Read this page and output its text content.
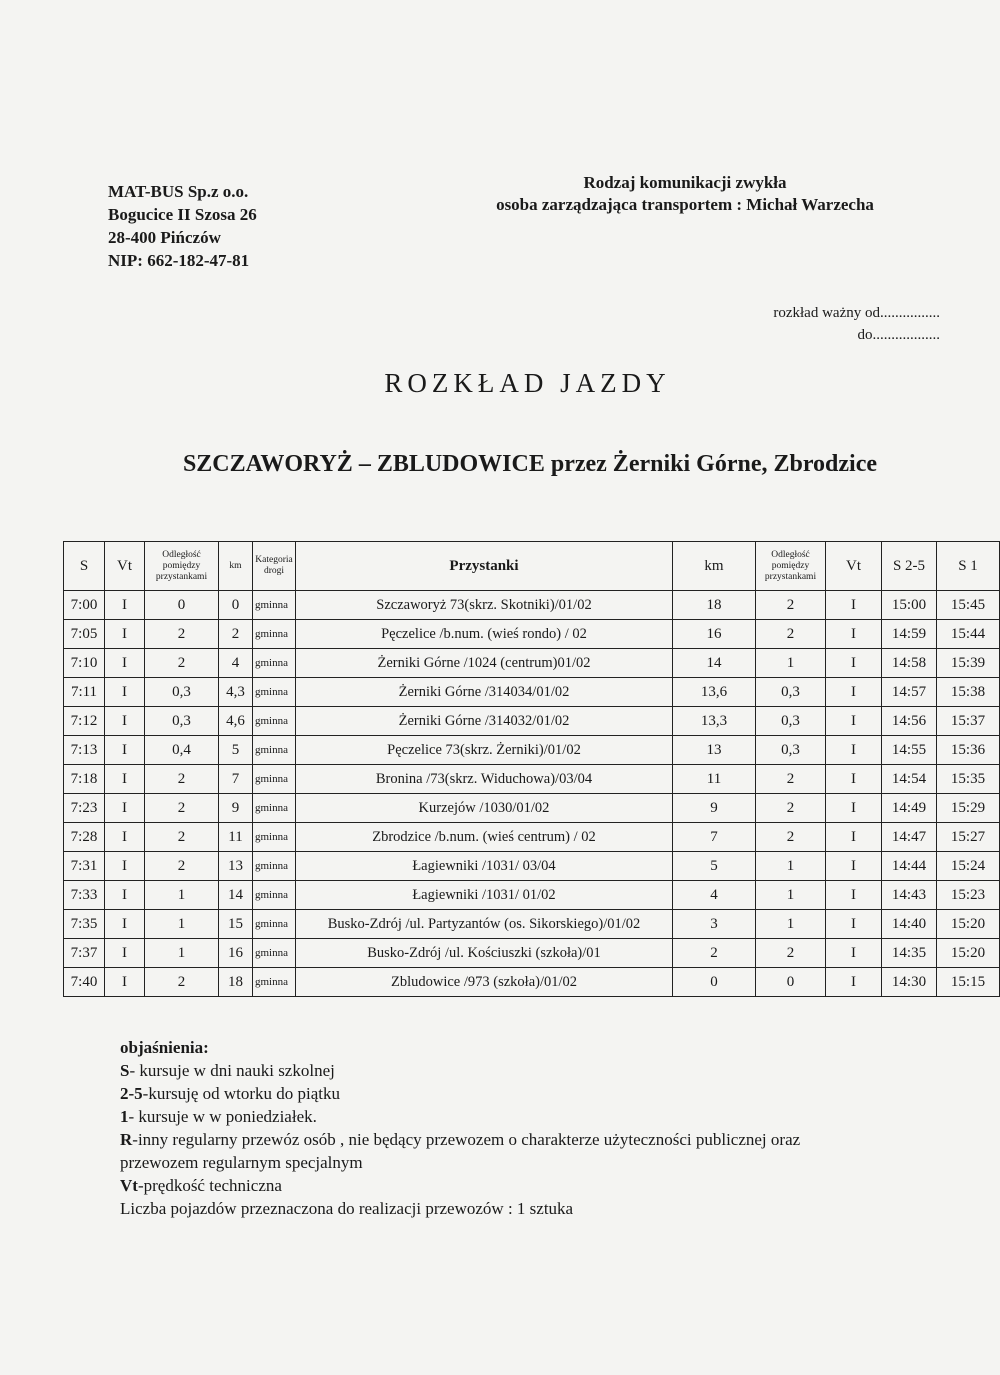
MAT-BUS Sp.z o.o.
Bogucice II Szosa 26
28-400 Pińczów
NIP: 662-182-47-81
Rodzaj komunikacji zwykła
osoba zarządzająca transportem : Michał Warzecha
rozkład ważny od................
do..................
ROZKŁAD JAZDY
SZCZAWORYŻ – ZBLUDOWICE przez Żerniki Górne, Zbrodzice
S	Vt	Odległość pomiędzy przystankami	km	Kategoria drogi	Przystanki	km	Odległość pomiędzy przystankami	Vt	S 2-5	S 1
7:00	I	0	0	gminna	Szczaworyż 73(skrz. Skotniki)/01/02	18	2	I	15:00	15:45
7:05	I	2	2	gminna	Pęczelice /b.num. (wieś rondo) / 02	16	2	I	14:59	15:44
7:10	I	2	4	gminna	Żerniki Górne /1024 (centrum)01/02	14	1	I	14:58	15:39
7:11	I	0,3	4,3	gminna	Żerniki Górne /314034/01/02	13,6	0,3	I	14:57	15:38
7:12	I	0,3	4,6	gminna	Żerniki Górne /314032/01/02	13,3	0,3	I	14:56	15:37
7:13	I	0,4	5	gminna	Pęczelice 73(skrz. Żerniki)/01/02	13	0,3	I	14:55	15:36
7:18	I	2	7	gminna	Bronina /73(skrz. Widuchowa)/03/04	11	2	I	14:54	15:35
7:23	I	2	9	gminna	Kurzejów /1030/01/02	9	2	I	14:49	15:29
7:28	I	2	11	gminna	Zbrodzice /b.num. (wieś centrum) / 02	7	2	I	14:47	15:27
7:31	I	2	13	gminna	Łagiewniki /1031/ 03/04	5	1	I	14:44	15:24
7:33	I	1	14	gminna	Łagiewniki /1031/ 01/02	4	1	I	14:43	15:23
7:35	I	1	15	gminna	Busko-Zdrój /ul. Partyzantów (os. Sikorskiego)/01/02	3	1	I	14:40	15:20
7:37	I	1	16	gminna	Busko-Zdrój /ul. Kościuszki (szkoła)/01	2	2	I	14:35	15:20
7:40	I	2	18	gminna	Zbludowice /973 (szkoła)/01/02	0	0	I	14:30	15:15
objaśnienia:
S- kursuje w dni nauki szkolnej
2-5-kursuję od wtorku do piątku
1- kursuje w w poniedziałek.
R-inny regularny przewóz osób , nie będący przewozem o charakterze użyteczności publicznej oraz
przewozem regularnym specjalnym
Vt-prędkość techniczna
Liczba pojazdów przeznaczona do realizacji przewozów : 1 sztuka
